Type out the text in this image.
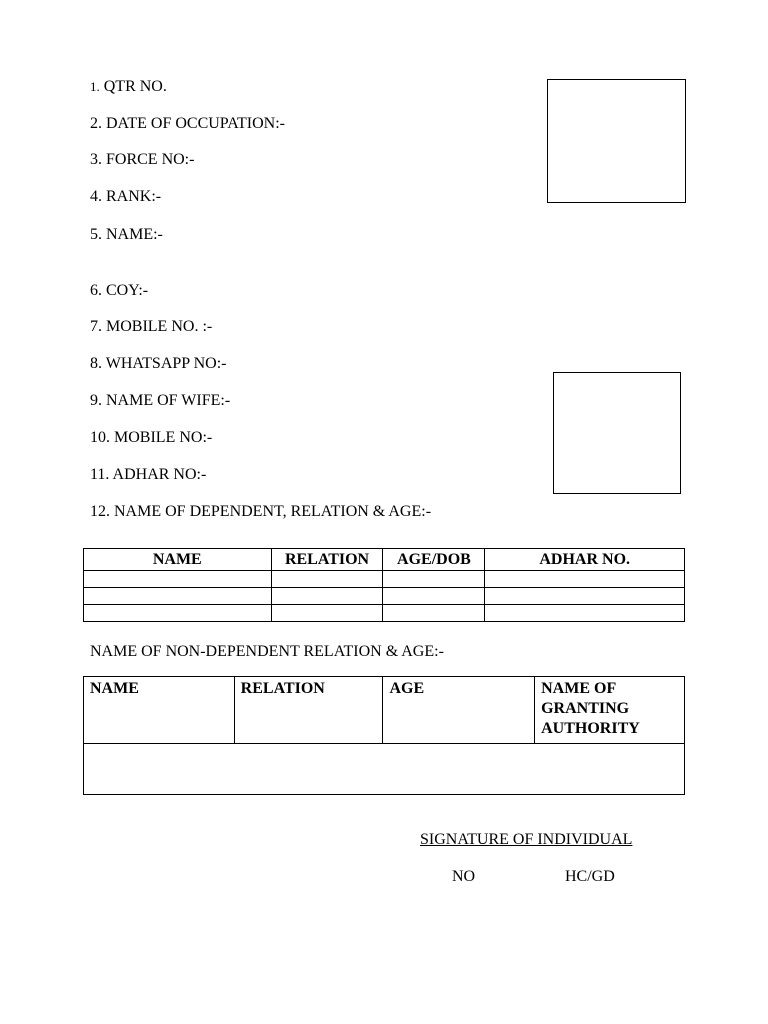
1. QTR NO.
2. DATE OF OCCUPATION:-
3. FORCE NO:-
4. RANK:-
5. NAME:-
6. COY:-
7. MOBILE NO. :-
8. WHATSAPP NO:-
9. NAME OF WIFE:-
10. MOBILE NO:-
11. ADHAR NO:-
12. NAME OF DEPENDENT, RELATION & AGE:-
NAME	RELATION	AGE/DOB	ADHAR NO.

NAME OF NON-DEPENDENT RELATION & AGE:-
NAME	RELATION	AGE	NAME OF GRANTING AUTHORITY

SIGNATURE OF INDIVIDUAL
NO	HC/GD
